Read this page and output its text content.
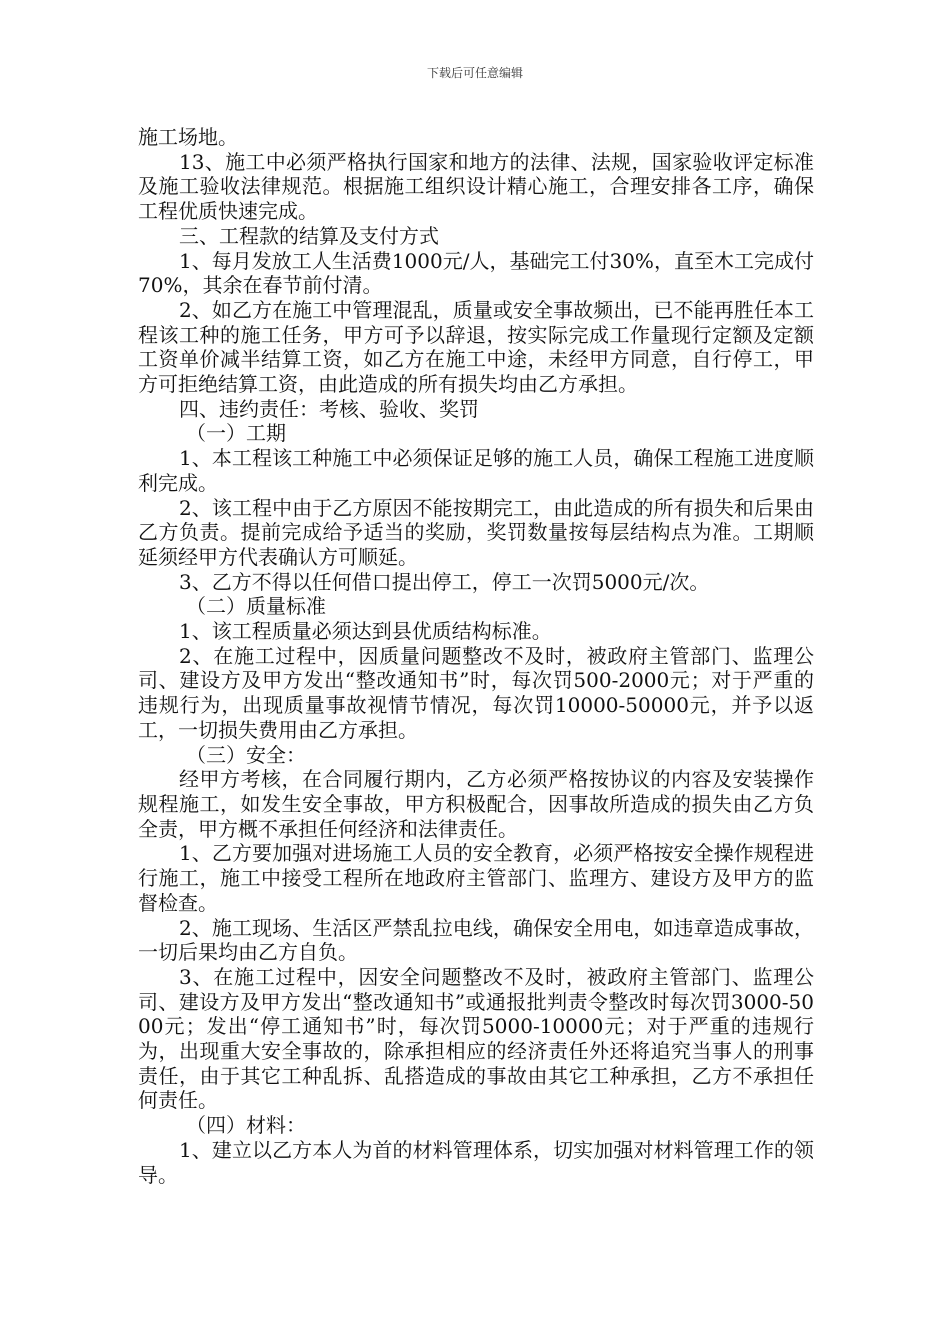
下载后可任意编辑

施工场地。

13、施工中必须严格执行国家和地方的法律、法规，国家验收评定标准及施工验收法律规范。根据施工组织设计精心施工，合理安排各工序，确保工程优质快速完成。

三、工程款的结算及支付方式

1、每月发放工人生活费1000元/人，基础完工付30%，直至木工完成付70%，其余在春节前付清。

2、如乙方在施工中管理混乱，质量或安全事故频出，已不能再胜任本工程该工种的施工任务，甲方可予以辞退，按实际完成工作量现行定额及定额工资单价减半结算工资，如乙方在施工中途，未经甲方同意，自行停工，甲方可拒绝结算工资，由此造成的所有损失均由乙方承担。

四、违约责任：考核、验收、奖罚

（一）工期

1、本工程该工种施工中必须保证足够的施工人员，确保工程施工进度顺利完成。

2、该工程中由于乙方原因不能按期完工，由此造成的所有损失和后果由乙方负责。提前完成给予适当的奖励，奖罚数量按每层结构点为准。工期顺延须经甲方代表确认方可顺延。

3、乙方不得以任何借口提出停工，停工一次罚5000元/次。

（二）质量标准

1、该工程质量必须达到县优质结构标准。

2、在施工过程中，因质量问题整改不及时，被政府主管部门、监理公司、建设方及甲方发出“整改通知书”时，每次罚500-2000元；对于严重的违规行为，出现质量事故视情节情况，每次罚10000-50000元，并予以返工，一切损失费用由乙方承担。

（三）安全：

经甲方考核，在合同履行期内，乙方必须严格按协议的内容及安装操作规程施工，如发生安全事故，甲方积极配合，因事故所造成的损失由乙方负全责，甲方概不承担任何经济和法律责任。

1、乙方要加强对进场施工人员的安全教育，必须严格按安全操作规程进行施工，施工中接受工程所在地政府主管部门、监理方、建设方及甲方的监督检查。

2、施工现场、生活区严禁乱拉电线，确保安全用电，如违章造成事故，一切后果均由乙方自负。

3、在施工过程中，因安全问题整改不及时，被政府主管部门、监理公司、建设方及甲方发出“整改通知书”或通报批判责令整改时每次罚3000-5000元；发出“停工通知书”时，每次罚5000-10000元；对于严重的违规行为，出现重大安全事故的，除承担相应的经济责任外还将追究当事人的刑事责任，由于其它工种乱拆、乱搭造成的事故由其它工种承担，乙方不承担任何责任。

（四）材料：

1、建立以乙方本人为首的材料管理体系，切实加强对材料管理工作的领导。
